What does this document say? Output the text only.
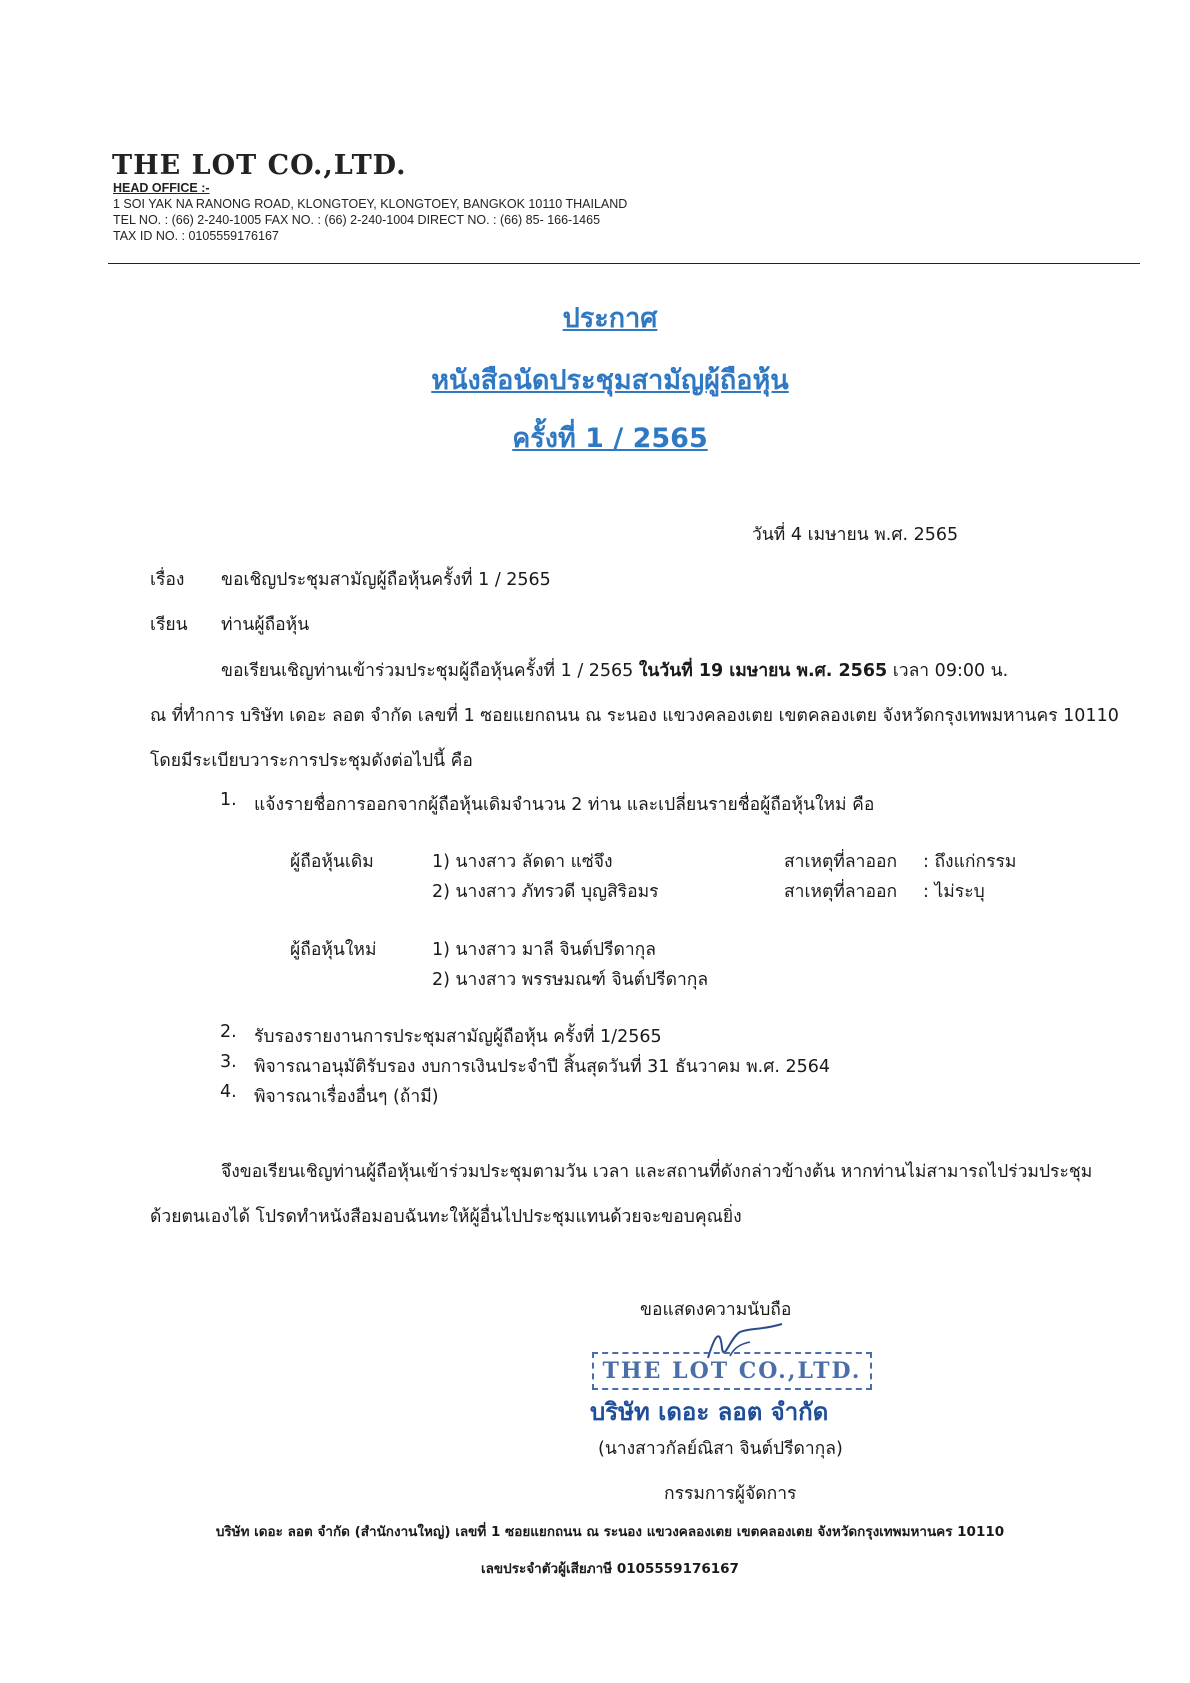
THE LOT CO.,LTD.
HEAD OFFICE :-
1 SOI YAK NA RANONG ROAD, KLONGTOEY, KLONGTOEY, BANGKOK 10110 THAILAND
TEL NO. : (66) 2-240-1005 FAX NO. : (66) 2-240-1004 DIRECT NO. : (66) 85- 166-1465
TAX ID NO. : 0105559176167
ประกาศ
หนังสือนัดประชุมสามัญผู้ถือหุ้น
ครั้งที่ 1 / 2565
วันที่ 4 เมษายน พ.ศ. 2565
เรื่อง ขอเชิญประชุมสามัญผู้ถือหุ้นครั้งที่ 1 / 2565
เรียน ท่านผู้ถือหุ้น
ขอเรียนเชิญท่านเข้าร่วมประชุมผู้ถือหุ้นครั้งที่ 1 / 2565 ในวันที่ 19 เมษายน พ.ศ. 2565 เวลา 09:00 น.
ณ ที่ทำการ บริษัท เดอะ ลอต จำกัด เลขที่ 1 ซอยแยกถนน ณ ระนอง แขวงคลองเตย เขตคลองเตย จังหวัดกรุงเทพมหานคร 10110
โดยมีระเบียบวาระการประชุมดังต่อไปนี้ คือ
1. แจ้งรายชื่อการออกจากผู้ถือหุ้นเดิมจำนวน 2 ท่าน และเปลี่ยนรายชื่อผู้ถือหุ้นใหม่ คือ
ผู้ถือหุ้นเดิม	1) นางสาว ลัดดา แซ่จึง	สาเหตุที่ลาออก : ถึงแก่กรรม
2) นางสาว ภัทรวดี บุญสิริอมร	สาเหตุที่ลาออก : ไม่ระบุ
ผู้ถือหุ้นใหม่	1) นางสาว มาลี จินต์ปรีดากุล
2) นางสาว พรรษมณฑ์ จินต์ปรีดากุล
2. รับรองรายงานการประชุมสามัญผู้ถือหุ้น ครั้งที่ 1/2565
3. พิจารณาอนุมัติรับรอง งบการเงินประจำปี สิ้นสุดวันที่ 31 ธันวาคม พ.ศ. 2564
4. พิจารณาเรื่องอื่นๆ (ถ้ามี)
จึงขอเรียนเชิญท่านผู้ถือหุ้นเข้าร่วมประชุมตามวัน เวลา และสถานที่ดังกล่าวข้างต้น หากท่านไม่สามารถไปร่วมประชุม
ด้วยตนเองได้ โปรดทำหนังสือมอบฉันทะให้ผู้อื่นไปประชุมแทนด้วยจะขอบคุณยิ่ง
ขอแสดงความนับถือ
THE LOT CO.,LTD.
บริษัท เดอะ ลอต จำกัด
(นางสาวกัลย์ณิสา จินต์ปรีดากุล)
กรรมการผู้จัดการ
บริษัท เดอะ ลอต จำกัด (สำนักงานใหญ่) เลขที่ 1 ซอยแยกถนน ณ ระนอง แขวงคลองเตย เขตคลองเตย จังหวัดกรุงเทพมหานคร 10110
เลขประจำตัวผู้เสียภาษี 0105559176167
